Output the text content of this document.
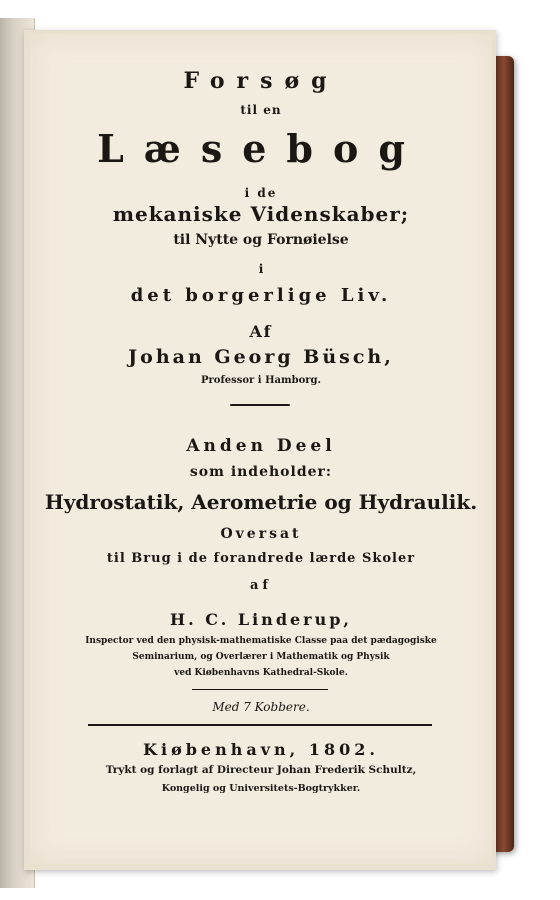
Forsøg
til en
Læsebog
i de
mekaniske Videnskaber;
til Nytte og Fornøielse
i
det borgerlige Liv.
Af
Johan Georg Büsch,
Professor i Hamborg.
Anden Deel
som indeholder:
Hydrostatik, Aerometrie og Hydraulik.
Oversat
til Brug i de forandrede lærde Skoler
af
H. C. Linderup,
Inspector ved den physisk-mathematiske Classe paa det pædagogiske
Seminarium, og Overlærer i Mathematik og Physik
ved Kiøbenhavns Kathedral-Skole.
Med 7 Kobbere.
Kiøbenhavn, 1802.
Trykt og forlagt af Directeur Johan Frederik Schultz,
Kongelig og Universitets-Bogtrykker.
